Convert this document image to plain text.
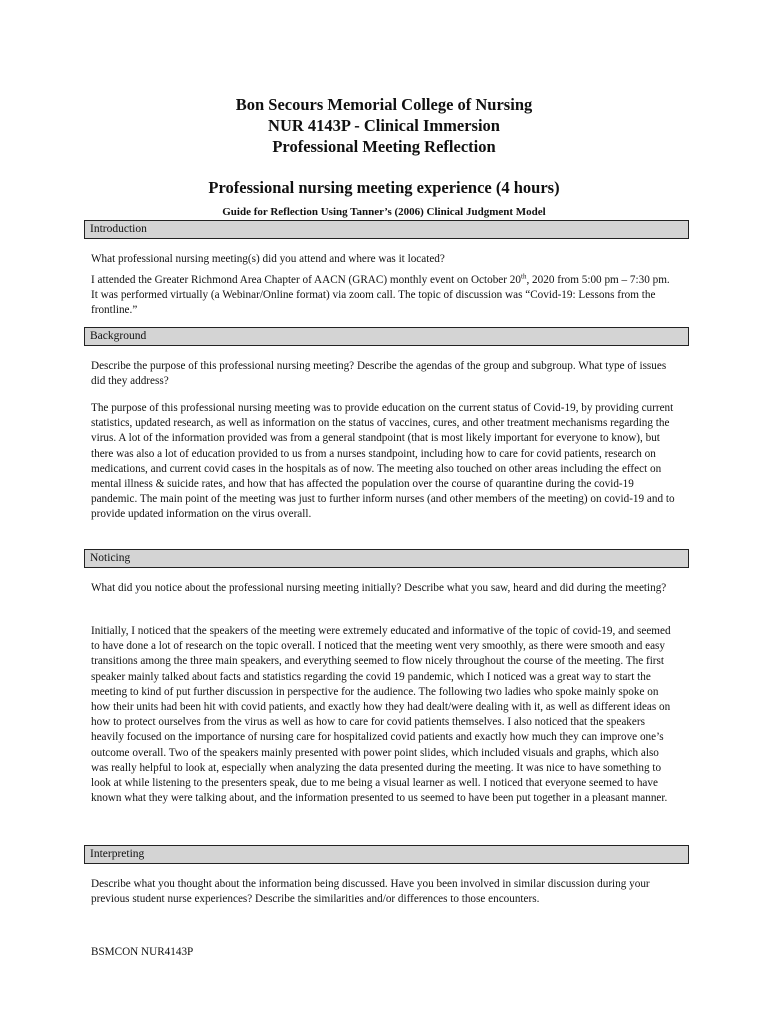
Bon Secours Memorial College of Nursing
NUR 4143P - Clinical Immersion
Professional Meeting Reflection
Professional nursing meeting experience (4 hours)
Guide for Reflection Using Tanner’s (2006) Clinical Judgment Model
Introduction

What professional nursing meeting(s) did you attend and where was it located?

I attended the Greater Richmond Area Chapter of AACN (GRAC) monthly event on October 20th, 2020 from 5:00 pm – 7:30 pm. It was performed virtually (a Webinar/Online format) via zoom call. The topic of discussion was “Covid-19: Lessons from the frontline.”

Background

Describe the purpose of this professional nursing meeting? Describe the agendas of the group and subgroup. What type of issues did they address?

The purpose of this professional nursing meeting was to provide education on the current status of Covid-19, by providing current statistics, updated research, as well as information on the status of vaccines, cures, and other treatment mechanisms regarding the virus. A lot of the information provided was from a general standpoint (that is most likely important for everyone to know), but there was also a lot of education provided to us from a nurses standpoint, including how to care for covid patients, research on medications, and current covid cases in the hospitals as of now. The meeting also touched on other areas including the effect on mental illness & suicide rates, and how that has affected the population over the course of quarantine during the covid-19 pandemic. The main point of the meeting was just to further inform nurses (and other members of the meeting) on covid-19 and to provide updated information on the virus overall.

Noticing

What did you notice about the professional nursing meeting initially? Describe what you saw, heard and did during the meeting?

Initially, I noticed that the speakers of the meeting were extremely educated and informative of the topic of covid-19, and seemed to have done a lot of research on the topic overall. I noticed that the meeting went very smoothly, as there were smooth and easy transitions among the three main speakers, and everything seemed to flow nicely throughout the course of the meeting. The first speaker mainly talked about facts and statistics regarding the covid 19 pandemic, which I noticed was a great way to start the meeting to kind of put further discussion in perspective for the audience. The following two ladies who spoke mainly spoke on how their units had been hit with covid patients, and exactly how they had dealt/were dealing with it, as well as different ideas on how to protect ourselves from the virus as well as how to care for covid patients themselves. I also noticed that the speakers heavily focused on the importance of nursing care for hospitalized covid patients and exactly how much they can improve one’s outcome overall. Two of the speakers mainly presented with power point slides, which included visuals and graphs, which also was really helpful to look at, especially when analyzing the data presented during the meeting. It was nice to have something to look at while listening to the presenters speak, due to me being a visual learner as well. I noticed that everyone seemed to have known what they were talking about, and the information presented to us seemed to have been put together in a pleasant manner.

Interpreting

Describe what you thought about the information being discussed. Have you been involved in similar discussion during your previous student nurse experiences? Describe the similarities and/or differences to those encounters.

BSMCON NUR4143P
